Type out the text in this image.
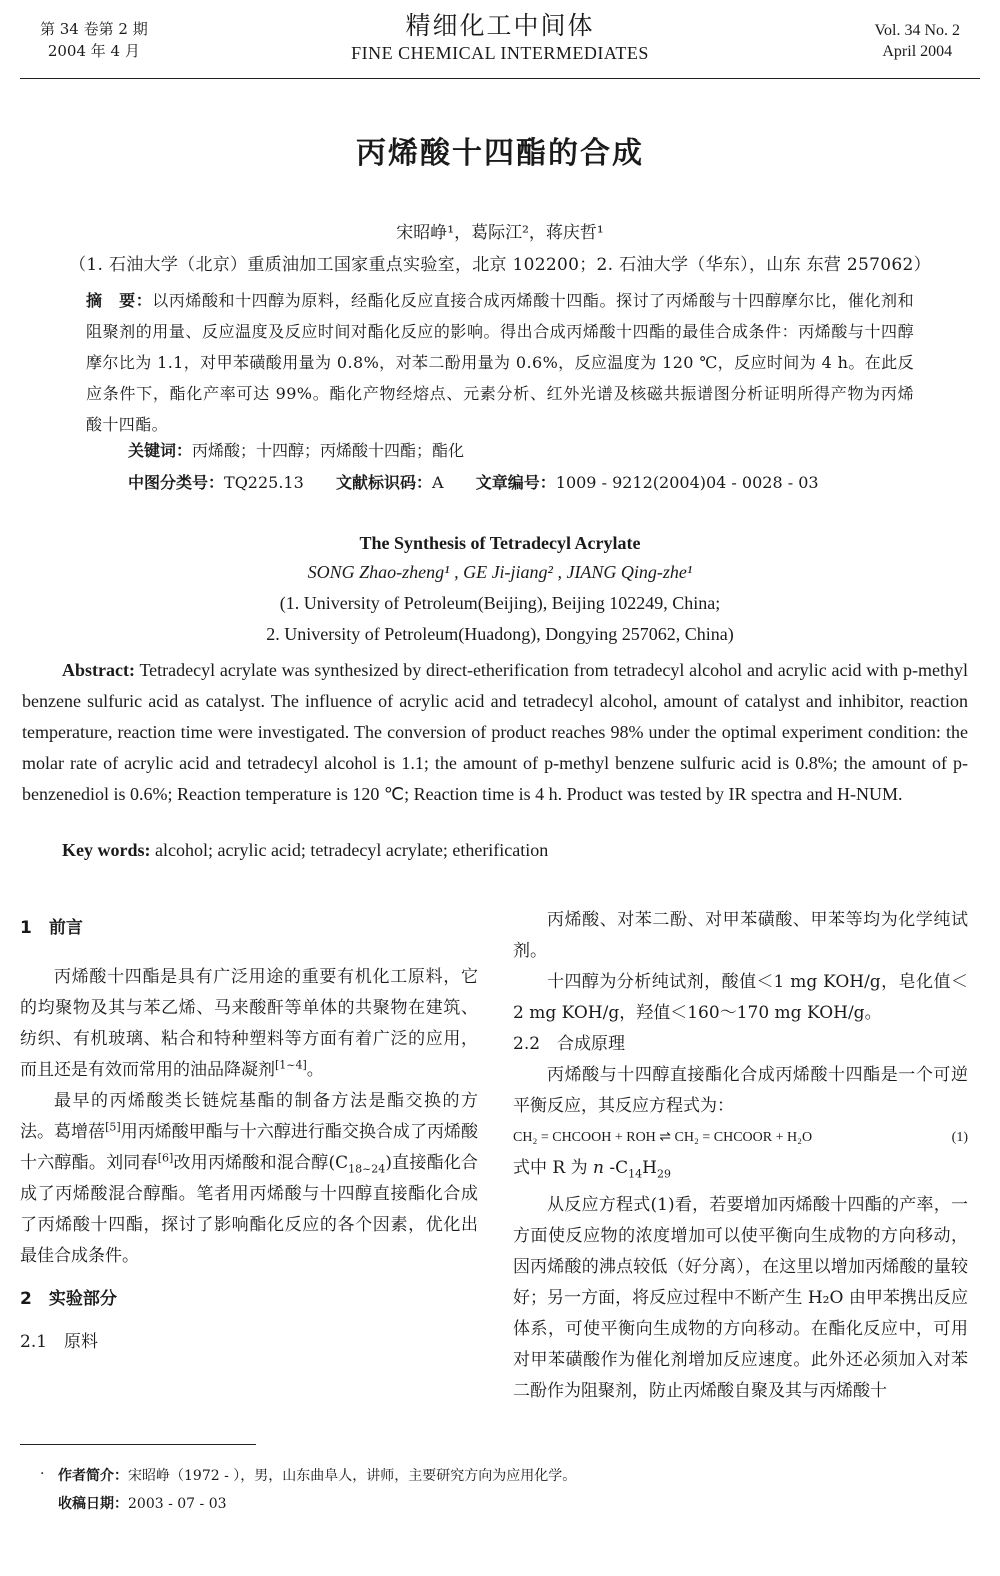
第 34 卷第 2 期
2004 年 4 月
精细化工中间体
FINE CHEMICAL INTERMEDIATES
Vol. 34 No. 2
April 2004
丙烯酸十四酯的合成
宋昭峥¹，葛际江²，蒋庆哲¹
（1. 石油大学（北京）重质油加工国家重点实验室，北京 102200；2. 石油大学（华东），山东 东营 257062）
摘　要：以丙烯酸和十四醇为原料，经酯化反应直接合成丙烯酸十四酯。探讨了丙烯酸与十四醇摩尔比，催化剂和阻聚剂的用量、反应温度及反应时间对酯化反应的影响。得出合成丙烯酸十四酯的最佳合成条件：丙烯酸与十四醇摩尔比为 1.1，对甲苯磺酸用量为 0.8%，对苯二酚用量为 0.6%，反应温度为 120 ℃，反应时间为 4 h。在此反应条件下，酯化产率可达 99%。酯化产物经熔点、元素分析、红外光谱及核磁共振谱图分析证明所得产物为丙烯酸十四酯。
关键词：丙烯酸；十四醇；丙烯酸十四酯；酯化
中图分类号：TQ225.13 文献标识码：A 文章编号：1009 - 9212(2004)04 - 0028 - 03
The Synthesis of Tetradecyl Acrylate
SONG Zhao-zheng¹ , GE Ji-jiang² , JIANG Qing-zhe¹
(1. University of Petroleum(Beijing), Beijing 102249, China;
2. University of Petroleum(Huadong), Dongying 257062, China)
Abstract: Tetradecyl acrylate was synthesized by direct-etherification from tetradecyl alcohol and acrylic acid with p-methyl benzene sulfuric acid as catalyst. The influence of acrylic acid and tetradecyl alcohol, amount of catalyst and inhibitor, reaction temperature, reaction time were investigated. The conversion of product reaches 98% under the optimal experiment condition: the molar rate of acrylic acid and tetradecyl alcohol is 1.1; the amount of p-methyl benzene sulfuric acid is 0.8%; the amount of p-benzenediol is 0.6%; Reaction temperature is 120 ℃; Reaction time is 4 h. Product was tested by IR spectra and H-NUM.
Key words: alcohol; acrylic acid; tetradecyl acrylate; etherification
1　前言

丙烯酸十四酯是具有广泛用途的重要有机化工原料，它的均聚物及其与苯乙烯、马来酸酐等单体的共聚物在建筑、纺织、有机玻璃、粘合和特种塑料等方面有着广泛的应用，而且还是有效而常用的油品降凝剂[1~4]。

最早的丙烯酸类长链烷基酯的制备方法是酯交换的方法。葛增蓓[5]用丙烯酸甲酯与十六醇进行酯交换合成了丙烯酸十六醇酯。刘同春[6]改用丙烯酸和混合醇$(C_{18\sim 24})$直接酯化合成了丙烯酸混合醇酯。笔者用丙烯酸与十四醇直接酯化合成了丙烯酸十四酯，探讨了影响酯化反应的各个因素，优化出最佳合成条件。

2　实验部分
2.1　原料

丙烯酸、对苯二酚、对甲苯磺酸、甲苯等均为化学纯试剂。

十四醇为分析纯试剂，酸值＜1 mg KOH/g，皂化值＜2 mg KOH/g，羟值＜160～170 mg KOH/g。

2.2　合成原理

丙烯酸与十四醇直接酯化合成丙烯酸十四酯是一个可逆平衡反应，其反应方程式为：

CH₂ = CHCOOH + ROH ⇌ CH₂ = CHCOOR + H₂O	(1)

式中 R 为 n $-C_{14}H_{29}$

从反应方程式(1)看，若要增加丙烯酸十四酯的产率，一方面使反应物的浓度增加可以使平衡向生成物的方向移动，因丙烯酸的沸点较低（好分离），在这里以增加丙烯酸的量较好；另一方面，将反应过程中不断产生 H₂O 由甲苯携出反应体系，可使平衡向生成物的方向移动。在酯化反应中，可用对甲苯磺酸作为催化剂增加反应速度。此外还必须加入对苯二酚作为阻聚剂，防止丙烯酸自聚及其与丙烯酸十

· 作者简介：宋昭峥（1972 - ），男，山东曲阜人，讲师，主要研究方向为应用化学。
收稿日期：2003 - 07 - 03
